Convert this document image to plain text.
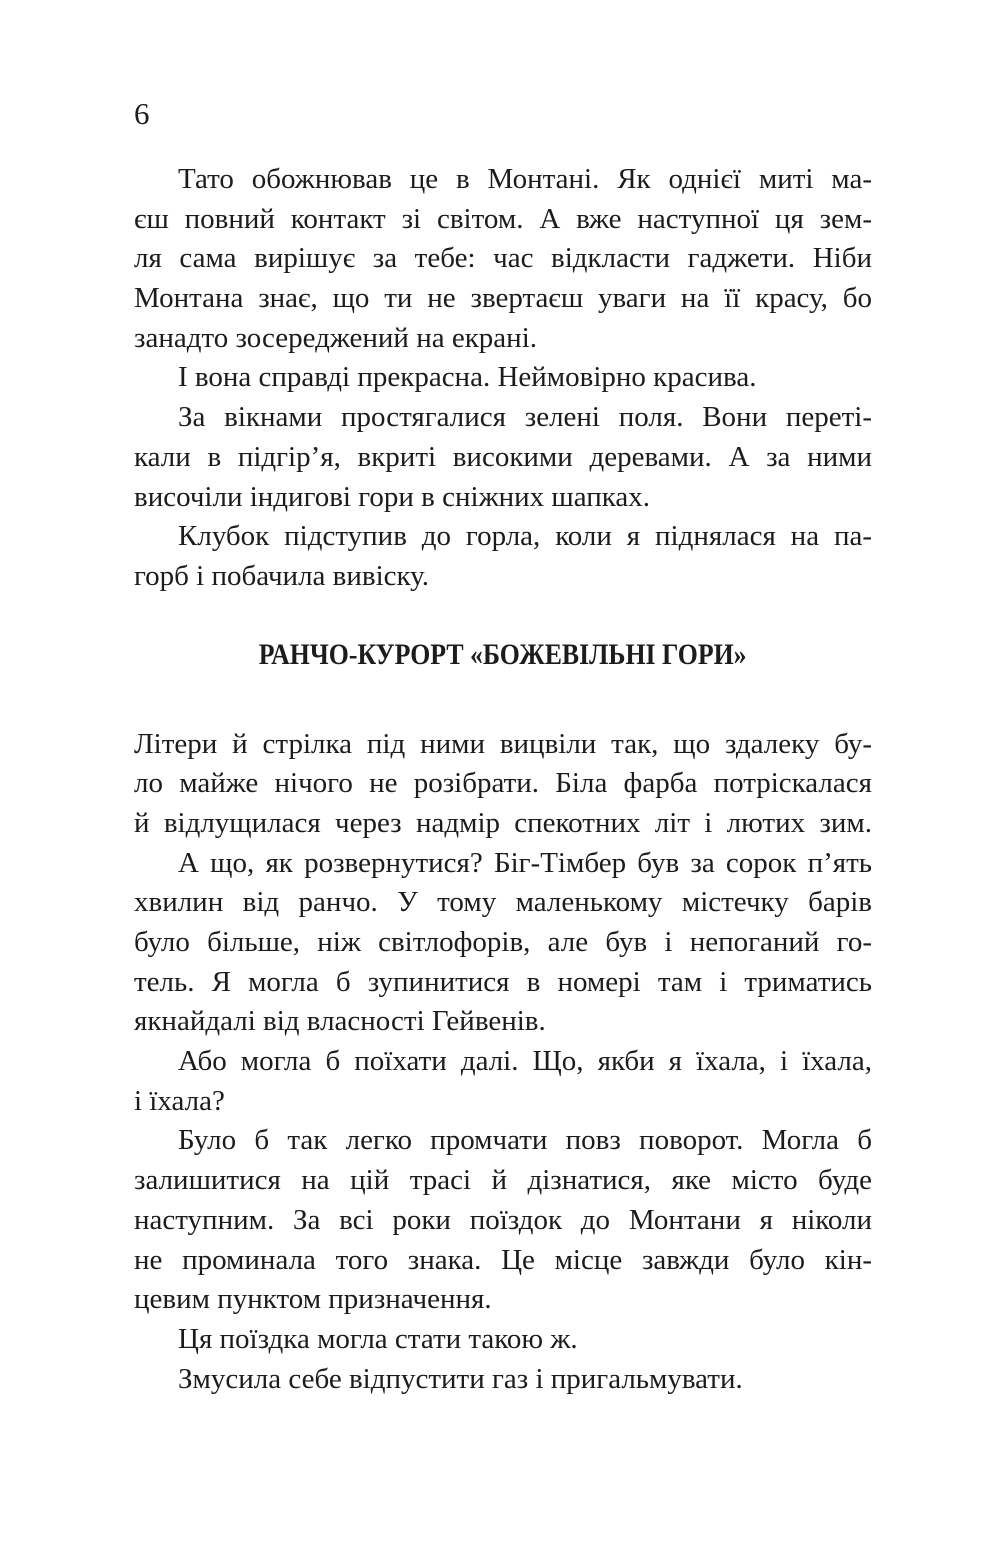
6
Тато обожнював це в Монтані. Як однієї миті ма-
єш повний контакт зі світом. А вже наступної ця зем-
ля сама вирішує за тебе: час відкласти гаджети. Ніби
Монтана знає, що ти не звертаєш уваги на її красу, бо
занадто зосереджений на екрані.
І вона справді прекрасна. Неймовірно красива.
За вікнами простягалися зелені поля. Вони переті-
кали в підгір’я, вкриті високими деревами. А за ними
височіли індигові гори в сніжних шапках.
Клубок підступив до горла, коли я піднялася на па-
горб і побачила вивіску.
РАНЧО-КУРОРТ «БОЖЕВІЛЬНІ ГОРИ»
Літери й стрілка під ними вицвіли так, що здалеку бу-
ло майже нічого не розібрати. Біла фарба потріскалася
й відлущилася через надмір спекотних літ і лютих зим.
А що, як розвернутися? Біг-Тімбер був за сорок п’ять
хвилин від ранчо. У тому маленькому містечку барів
було більше, ніж світлофорів, але був і непоганий го-
тель. Я могла б зупинитися в номері там і триматись
якнайдалі від власності Гейвенів.
Або могла б поїхати далі. Що, якби я їхала, і їхала,
і їхала?
Було б так легко промчати повз поворот. Могла б
залишитися на цій трасі й дізнатися, яке місто буде
наступним. За всі роки поїздок до Монтани я ніколи
не проминала того знака. Це місце завжди було кін-
цевим пунктом призначення.
Ця поїздка могла стати такою ж.
Змусила себе відпустити газ і пригальмувати.
